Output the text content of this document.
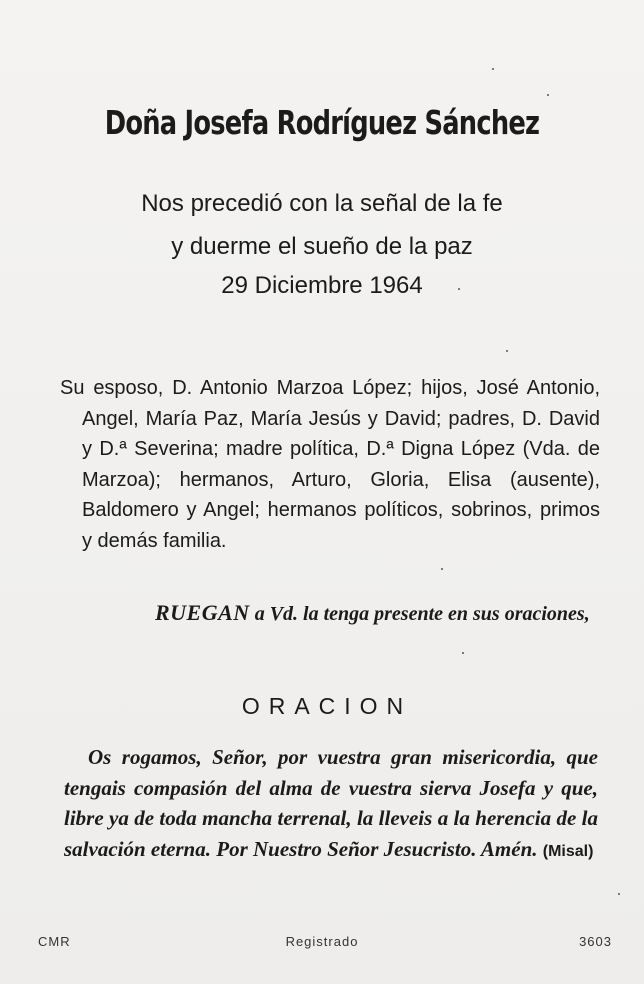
Doña Josefa Rodríguez Sánchez
Nos precedió con la señal de la fe
y duerme el sueño de la paz
29 Diciembre 1964
Su esposo, D. Antonio Marzoa López; hijos, José Antonio, Angel, María Paz, María Jesús y David; padres, D. David y D.ª Severina; madre política, D.ª Digna López (Vda. de Marzoa); hermanos, Arturo, Gloria, Elisa (ausente), Baldomero y Angel; hermanos políticos, sobrinos, primos y demás familia.
RUEGAN a Vd. la tenga presente en sus oraciones,
ORACION
Os rogamos, Señor, por vuestra gran misericordia, que tengais compasión del alma de vuestra sierva Josefa y que, libre ya de toda mancha terrenal, la lleveis a la herencia de la salvación eterna. Por Nuestro Señor Jesucristo. Amén. (Misal)
CMR	Registrado	3603
